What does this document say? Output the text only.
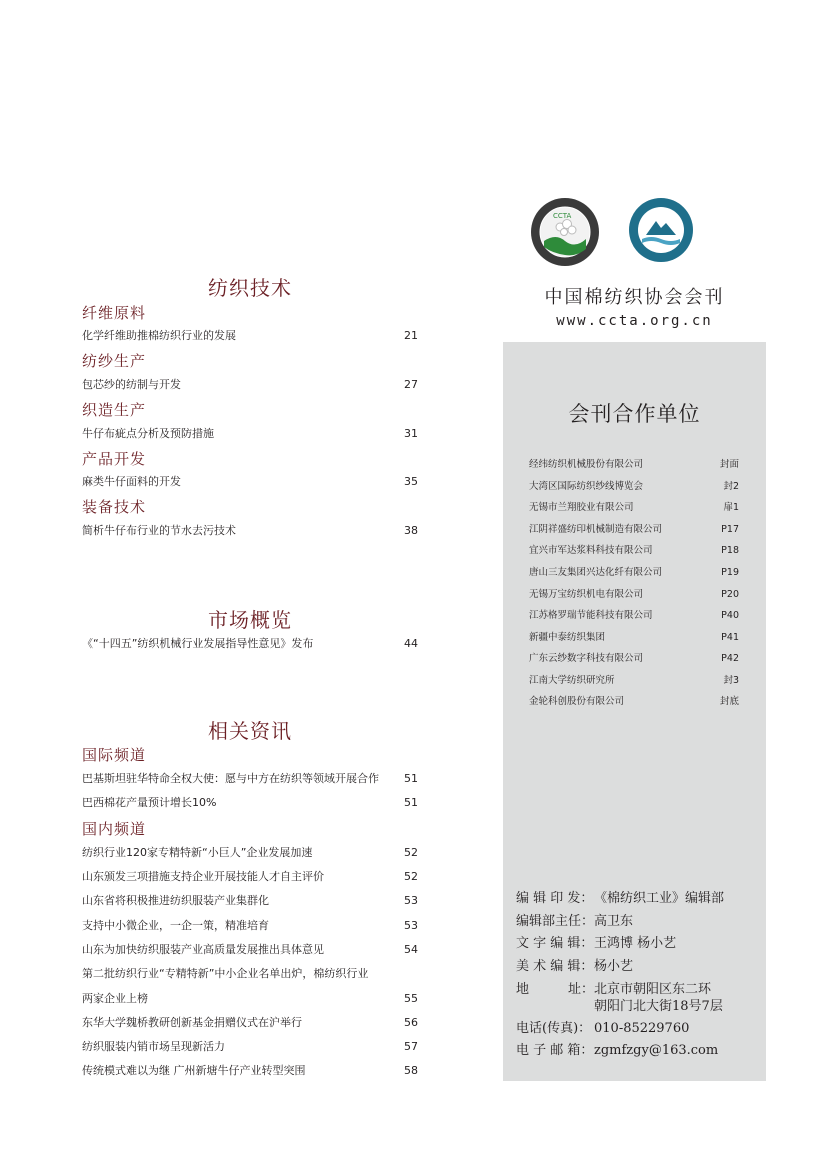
CCTA
中国棉纺织协会会刊
www.ccta.org.cn
纺织技术
纤维原料
化学纤维助推棉纺织行业的发展	21
纺纱生产
包芯纱的纺制与开发	27
织造生产
牛仔布疵点分析及预防措施	31
产品开发
麻类牛仔面料的开发	35
装备技术
简析牛仔布行业的节水去污技术	38
市场概览
《“十四五”纺织机械行业发展指导性意见》发布	44
相关资讯
国际频道
巴基斯坦驻华特命全权大使：愿与中方在纺织等领域开展合作 51
巴西棉花产量预计增长10%	51
国内频道
纺织行业120家专精特新“小巨人”企业发展加速	52
山东颁发三项措施支持企业开展技能人才自主评价	52
山东省将积极推进纺织服装产业集群化	53
支持中小微企业，一企一策，精准培育	53
山东为加快纺织服装产业高质量发展推出具体意见	54
第二批纺织行业“专精特新”中小企业名单出炉，棉纺织行业
两家企业上榜	55
东华大学魏桥教研创新基金捐赠仪式在沪举行	56
纺织服装内销市场呈现新活力	57
传统模式难以为继 广州新塘牛仔产业转型突围	58
会刊合作单位
经纬纺织机械股份有限公司	封面
大湾区国际纺织纱线博览会	封2
无锡市兰翔胶业有限公司	扉1
江阴祥盛纺印机械制造有限公司	P17
宜兴市军达浆料科技有限公司	P18
唐山三友集团兴达化纤有限公司	P19
无锡万宝纺织机电有限公司	P20
江苏格罗瑞节能科技有限公司	P40
新疆中泰纺织集团	P41
广东云纱数字科技有限公司	P42
江南大学纺织研究所	封3
金轮科创股份有限公司	封底
编 辑 印 发：《棉纺织工业》编辑部
编辑部主任：高卫东
文 字 编 辑：王鸿博 杨小艺
美 术 编 辑：杨小艺
地　　　址：北京市朝阳区东二环
朝阳门北大街18号7层
电话(传真)： 010-85229760
电 子 邮 箱：zgmfzgy@163.com
